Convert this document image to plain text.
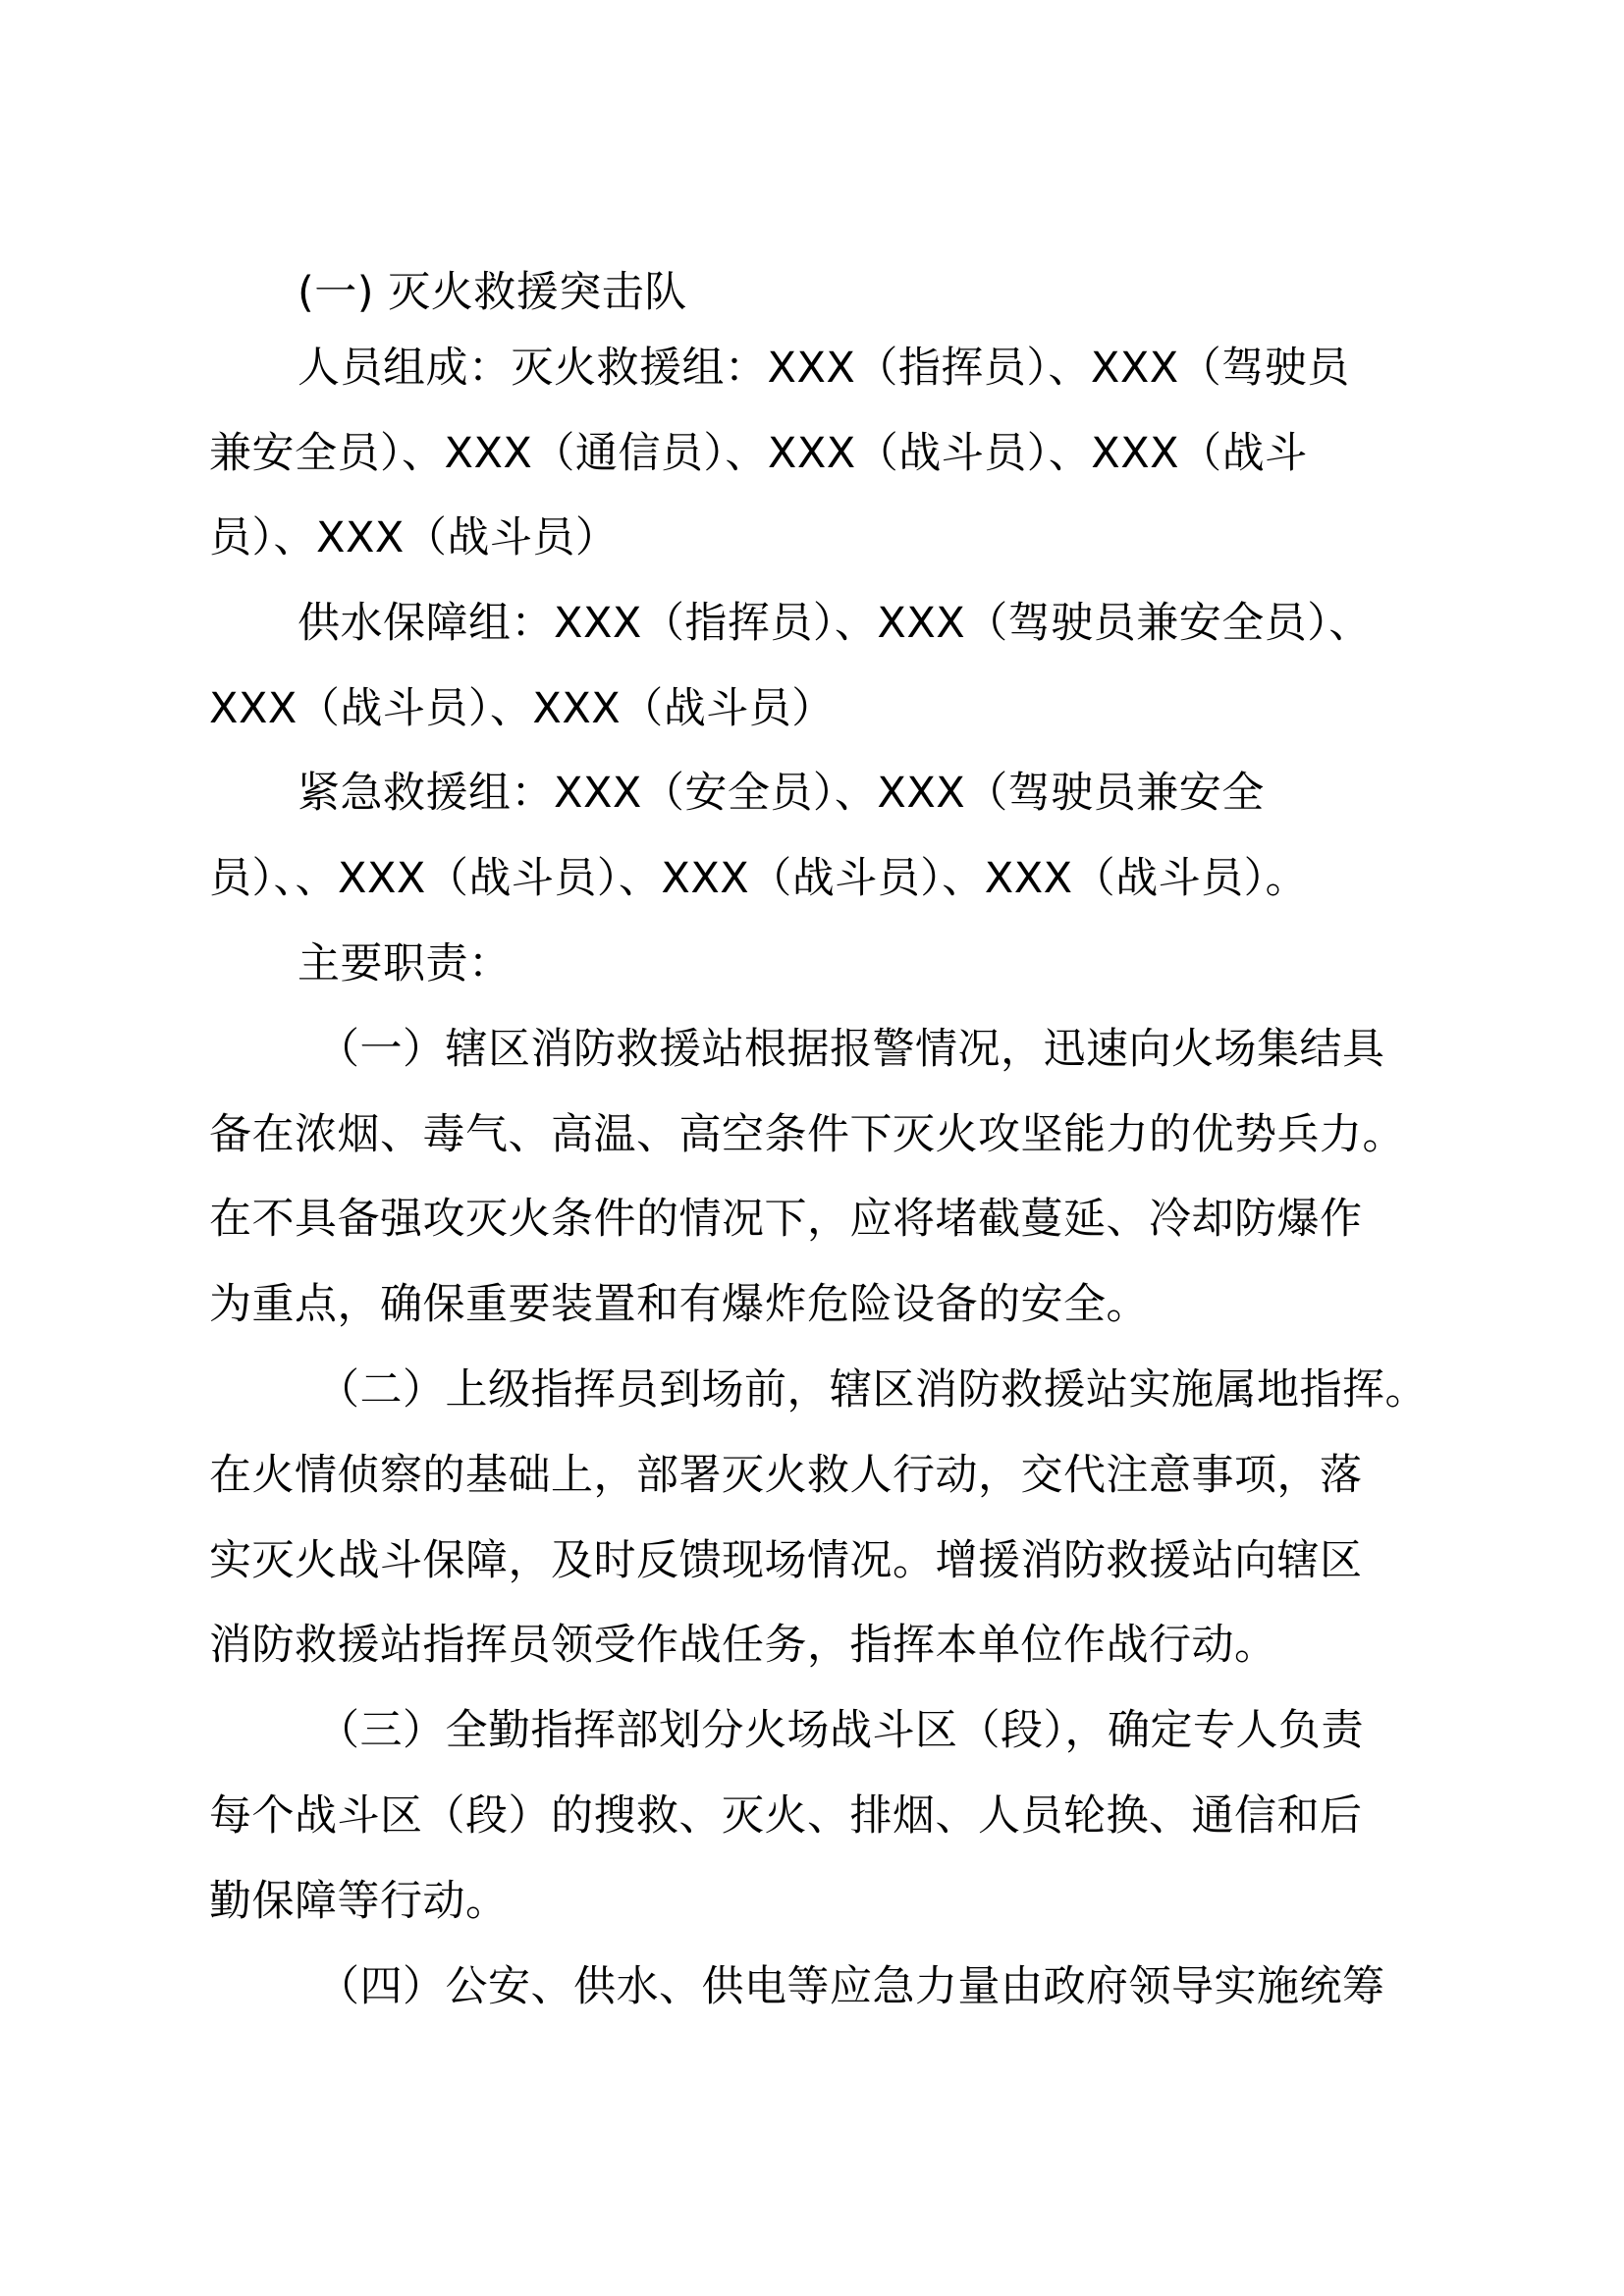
(一) 灭火救援突击队
人员组成：灭火救援组：XXX（指挥员）、XXX（驾驶员
兼安全员）、XXX（通信员）、XXX（战斗员）、XXX（战斗
员）、XXX（战斗员）
供水保障组：XXX（指挥员）、XXX（驾驶员兼安全员）、
XXX（战斗员）、XXX（战斗员）
紧急救援组：XXX（安全员）、XXX（驾驶员兼安全
员）、、XXX（战斗员）、XXX（战斗员）、XXX（战斗员）。
主要职责：
（一）辖区消防救援站根据报警情况，迅速向火场集结具
备在浓烟、毒气、高温、高空条件下灭火攻坚能力的优势兵力。
在不具备强攻灭火条件的情况下，应将堵截蔓延、冷却防爆作
为重点，确保重要装置和有爆炸危险设备的安全。
（二）上级指挥员到场前，辖区消防救援站实施属地指挥。
在火情侦察的基础上，部署灭火救人行动，交代注意事项，落
实灭火战斗保障，及时反馈现场情况。增援消防救援站向辖区
消防救援站指挥员领受作战任务，指挥本单位作战行动。
（三）全勤指挥部划分火场战斗区（段），确定专人负责
每个战斗区（段）的搜救、灭火、排烟、人员轮换、通信和后
勤保障等行动。
（四）公安、供水、供电等应急力量由政府领导实施统筹
